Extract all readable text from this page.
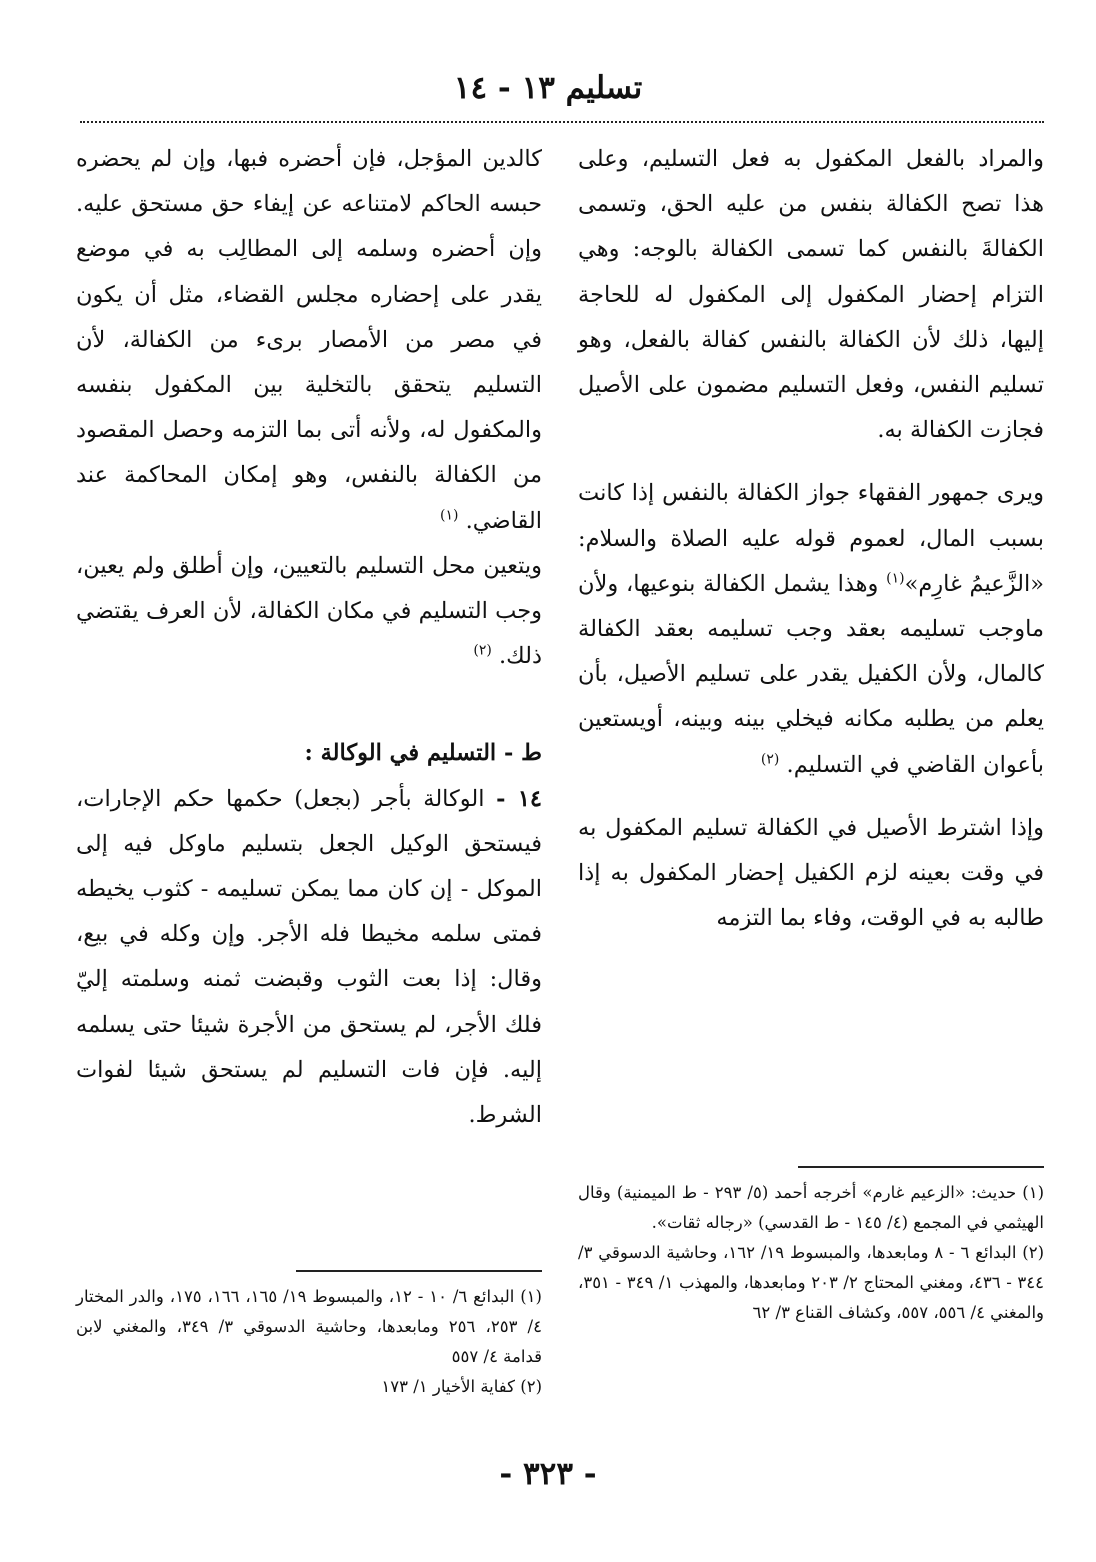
تسليم ١٣ - ١٤

والمراد بالفعل المكفول به فعل التسليم، وعلى هذا تصح الكفالة بنفس من عليه الحق، وتسمى الكفالةَ بالنفس كما تسمى الكفالة بالوجه: وهي التزام إحضار المكفول إلى المكفول له للحاجة إليها، ذلك لأن الكفالة بالنفس كفالة بالفعل، وهو تسليم النفس، وفعل التسليم مضمون على الأصيل فجازت الكفالة به.

ويرى جمهور الفقهاء جواز الكفالة بالنفس إذا كانت بسبب المال، لعموم قوله عليه الصلاة والسلام: «الزَّعيمُ غارِم»$^{(١)}$ وهذا يشمل الكفالة بنوعيها، ولأن ماوجب تسليمه بعقد وجب تسليمه بعقد الكفالة كالمال، ولأن الكفيل يقدر على تسليم الأصيل، بأن يعلم من يطلبه مكانه فيخلي بينه وبينه، أويستعين بأعوان القاضي في التسليم. $^{(٢)}$

وإذا اشترط الأصيل في الكفالة تسليم المكفول به في وقت بعينه لزم الكفيل إحضار المكفول به إذا طالبه به في الوقت، وفاء بما التزمه

كالدين المؤجل، فإن أحضره فبها، وإن لم يحضره حبسه الحاكم لامتناعه عن إيفاء حق مستحق عليه. وإن أحضره وسلمه إلى المطالِب به في موضع يقدر على إحضاره مجلس القضاء، مثل أن يكون في مصر من الأمصار برىء من الكفالة، لأن التسليم يتحقق بالتخلية بين المكفول بنفسه والمكفول له، ولأنه أتى بما التزمه وحصل المقصود من الكفالة بالنفس، وهو إمكان المحاكمة عند القاضي. $^{(١)}$

ويتعين محل التسليم بالتعيين، وإن أطلق ولم يعين، وجب التسليم في مكان الكفالة، لأن العرف يقتضي ذلك. $^{(٢)}$

ط - التسليم في الوكالة :

١٤ - الوكالة بأجر (بجعل) حكمها حكم الإجارات، فيستحق الوكيل الجعل بتسليم ماوكل فيه إلى الموكل - إن كان مما يمكن تسليمه - كثوب يخيطه فمتى سلمه مخيطا فله الأجر. وإن وكله في بيع، وقال: إذا بعت الثوب وقبضت ثمنه وسلمته إليّ فلك الأجر، لم يستحق من الأجرة شيئا حتى يسلمه إليه. فإن فات التسليم لم يستحق شيئا لفوات الشرط.

(١) حديث: «الزعيم غارم» أخرجه أحمد (٥/ ٢٩٣ - ط الميمنية) وقال الهيثمي في المجمع (٤/ ١٤٥ - ط القدسي) «رجاله ثقات».

(٢) البدائع ٦ - ٨ ومابعدها، والمبسوط ١٩/ ١٦٢، وحاشية الدسوقي ٣/ ٣٤٤ - ٤٣٦، ومغني المحتاج ٢/ ٢٠٣ ومابعدها، والمهذب ١/ ٣٤٩ - ٣٥١، والمغني ٤/ ٥٥٦، ٥٥٧، وكشاف القناع ٣/ ٦٢

(١) البدائع ٦/ ١٠ - ١٢، والمبسوط ١٩/ ١٦٥، ١٦٦، ١٧٥، والدر المختار ٤/ ٢٥٣، ٢٥٦ ومابعدها، وحاشية الدسوقي ٣/ ٣٤٩، والمغني لابن قدامة ٤/ ٥٥٧

(٢) كفاية الأخيار ١/ ١٧٣

- ٣٢٣ -
